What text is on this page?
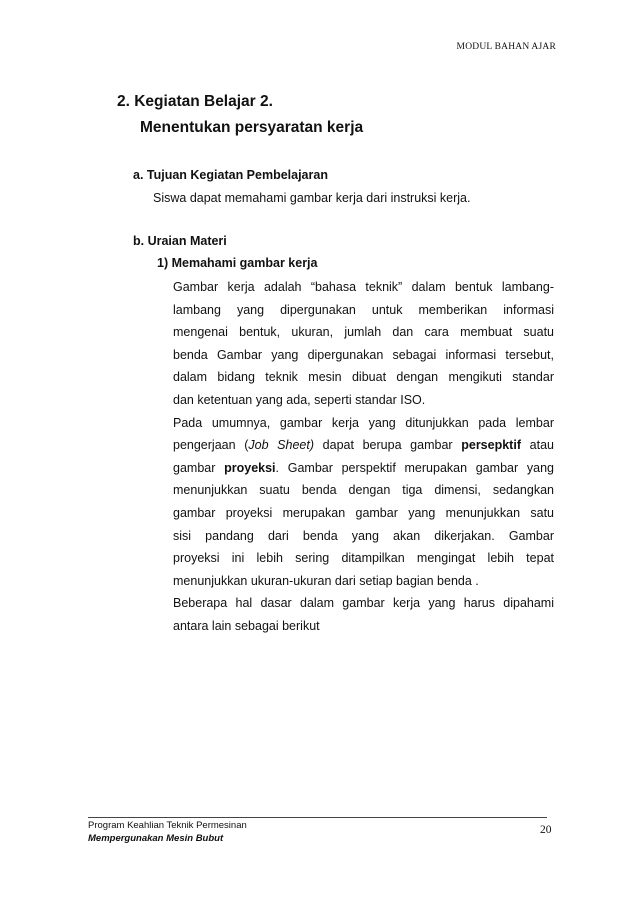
MODUL BAHAN AJAR
2. Kegiatan Belajar 2.
Menentukan persyaratan kerja
a. Tujuan Kegiatan Pembelajaran
Siswa dapat memahami gambar kerja dari instruksi kerja.
b. Uraian Materi
1) Memahami gambar kerja
Gambar kerja adalah “bahasa teknik” dalam bentuk lambang-
lambang yang dipergunakan untuk memberikan informasi
mengenai bentuk, ukuran, jumlah dan cara membuat suatu
benda Gambar yang dipergunakan sebagai informasi tersebut,
dalam bidang teknik mesin dibuat dengan mengikuti standar
dan ketentuan yang ada, seperti standar ISO.
Pada umumnya, gambar kerja yang ditunjukkan pada lembar
pengerjaan (Job Sheet) dapat berupa gambar persepktif atau
gambar proyeksi. Gambar perspektif merupakan gambar yang
menunjukkan suatu benda dengan tiga dimensi, sedangkan
gambar proyeksi merupakan gambar yang menunjukkan satu
sisi pandang dari benda yang akan dikerjakan. Gambar
proyeksi ini lebih sering ditampilkan mengingat lebih tepat
menunjukkan ukuran-ukuran dari setiap bagian benda .
Beberapa hal dasar dalam gambar kerja yang harus dipahami
antara lain sebagai berikut
Program Keahlian Teknik Permesinan
Mempergunakan Mesin Bubut
20
